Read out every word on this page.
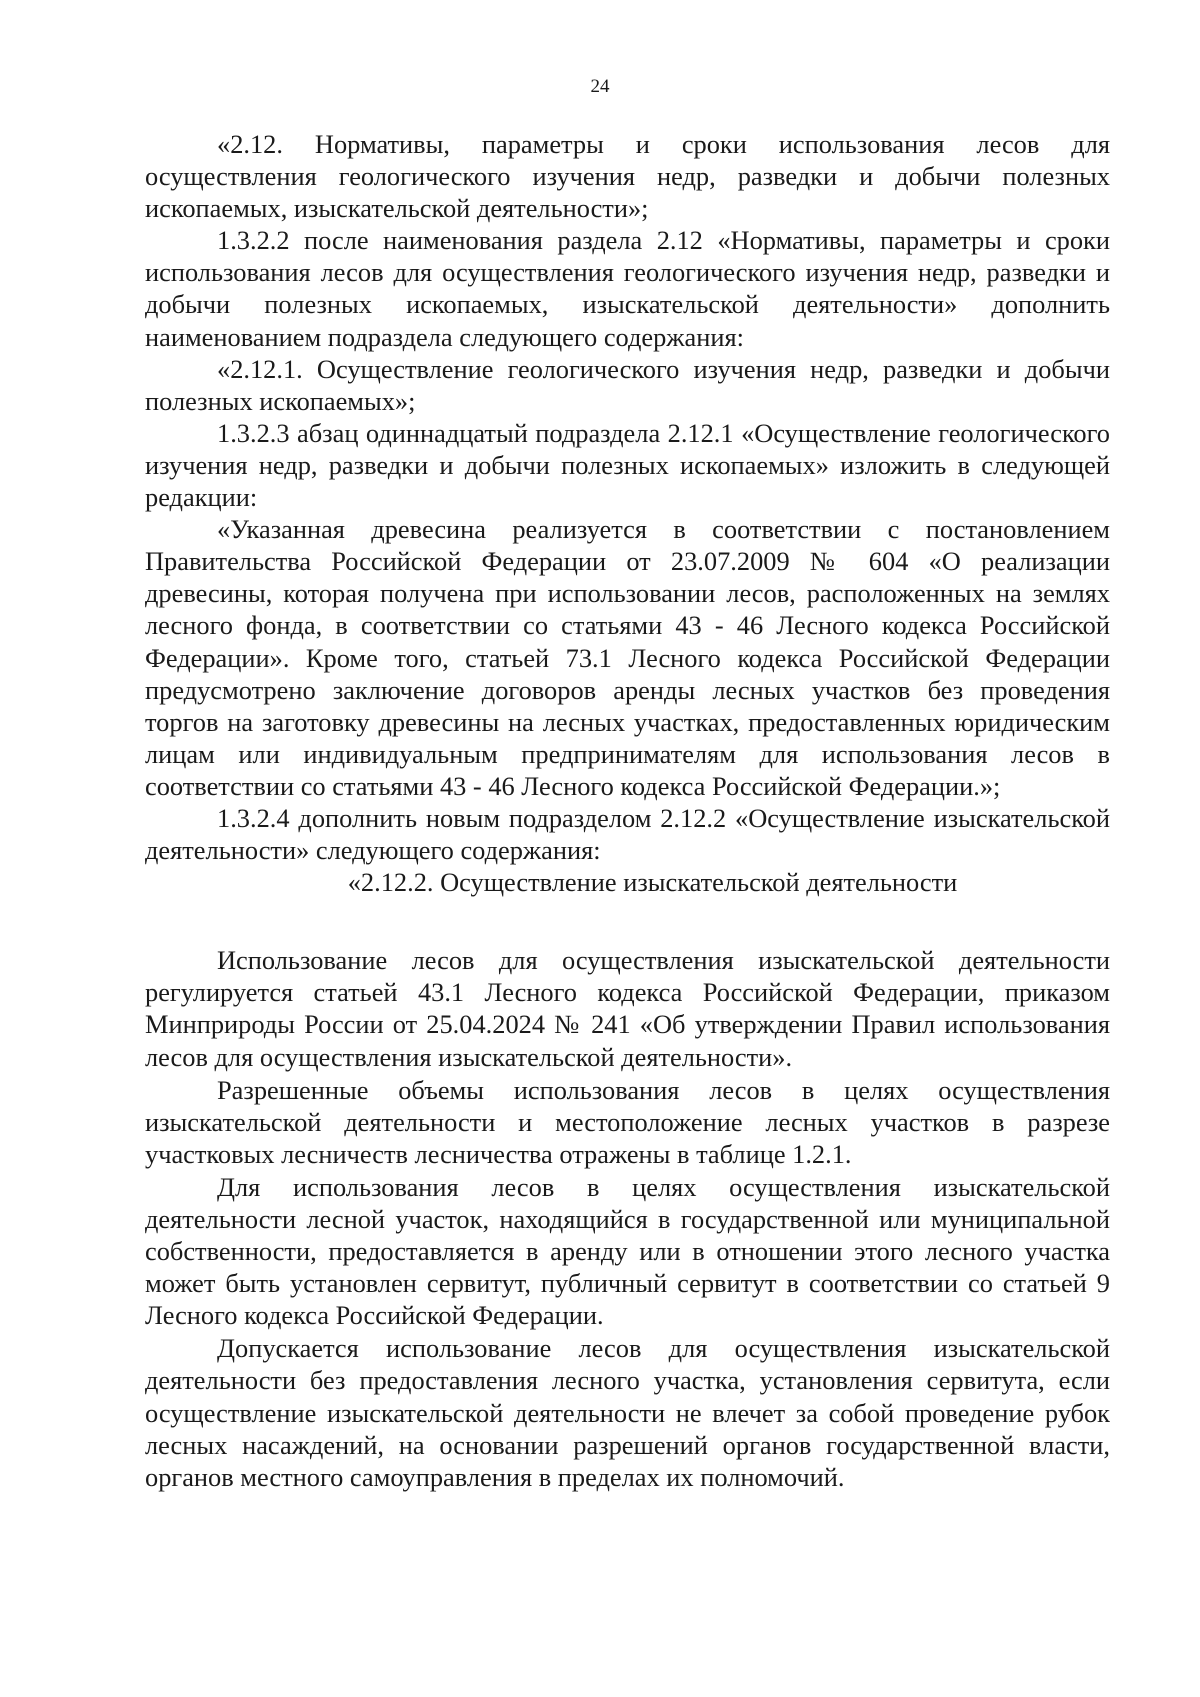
24

«2.12. Нормативы, параметры и сроки использования лесов для осуществления геологического изучения недр, разведки и добычи полезных ископаемых, изыскательской деятельности»;

1.3.2.2 после наименования раздела 2.12 «Нормативы, параметры и сроки использования лесов для осуществления геологического изучения недр, разведки и добычи полезных ископаемых, изыскательской деятельности» дополнить наименованием подраздела следующего содержания:

«2.12.1. Осуществление геологического изучения недр, разведки и добычи полезных ископаемых»;

1.3.2.3 абзац одиннадцатый подраздела 2.12.1 «Осуществление геологического изучения недр, разведки и добычи полезных ископаемых» изложить в следующей редакции:

«Указанная древесина реализуется в соответствии с постановлением Правительства Российской Федерации от 23.07.2009 № 604 «О реализации древесины, которая получена при использовании лесов, расположенных на землях лесного фонда, в соответствии со статьями 43 - 46 Лесного кодекса Российской Федерации». Кроме того, статьей 73.1 Лесного кодекса Российской Федерации предусмотрено заключение договоров аренды лесных участков без проведения торгов на заготовку древесины на лесных участках, предоставленных юридическим лицам или индивидуальным предпринимателям для использования лесов в соответствии со статьями 43 - 46 Лесного кодекса Российской Федерации.»;

1.3.2.4 дополнить новым подразделом 2.12.2 «Осуществление изыскательской деятельности» следующего содержания:

«2.12.2. Осуществление изыскательской деятельности

Использование лесов для осуществления изыскательской деятельности регулируется статьей 43.1 Лесного кодекса Российской Федерации, приказом Минприроды России от 25.04.2024 № 241 «Об утверждении Правил использования лесов для осуществления изыскательской деятельности».

Разрешенные объемы использования лесов в целях осуществления изыскательской деятельности и местоположение лесных участков в разрезе участковых лесничеств лесничества отражены в таблице 1.2.1.

Для использования лесов в целях осуществления изыскательской деятельности лесной участок, находящийся в государственной или муниципальной собственности, предоставляется в аренду или в отношении этого лесного участка может быть установлен сервитут, публичный сервитут в соответствии со статьей 9 Лесного кодекса Российской Федерации.

Допускается использование лесов для осуществления изыскательской деятельности без предоставления лесного участка, установления сервитута, если осуществление изыскательской деятельности не влечет за собой проведение рубок лесных насаждений, на основании разрешений органов государственной власти, органов местного самоуправления в пределах их полномочий.
